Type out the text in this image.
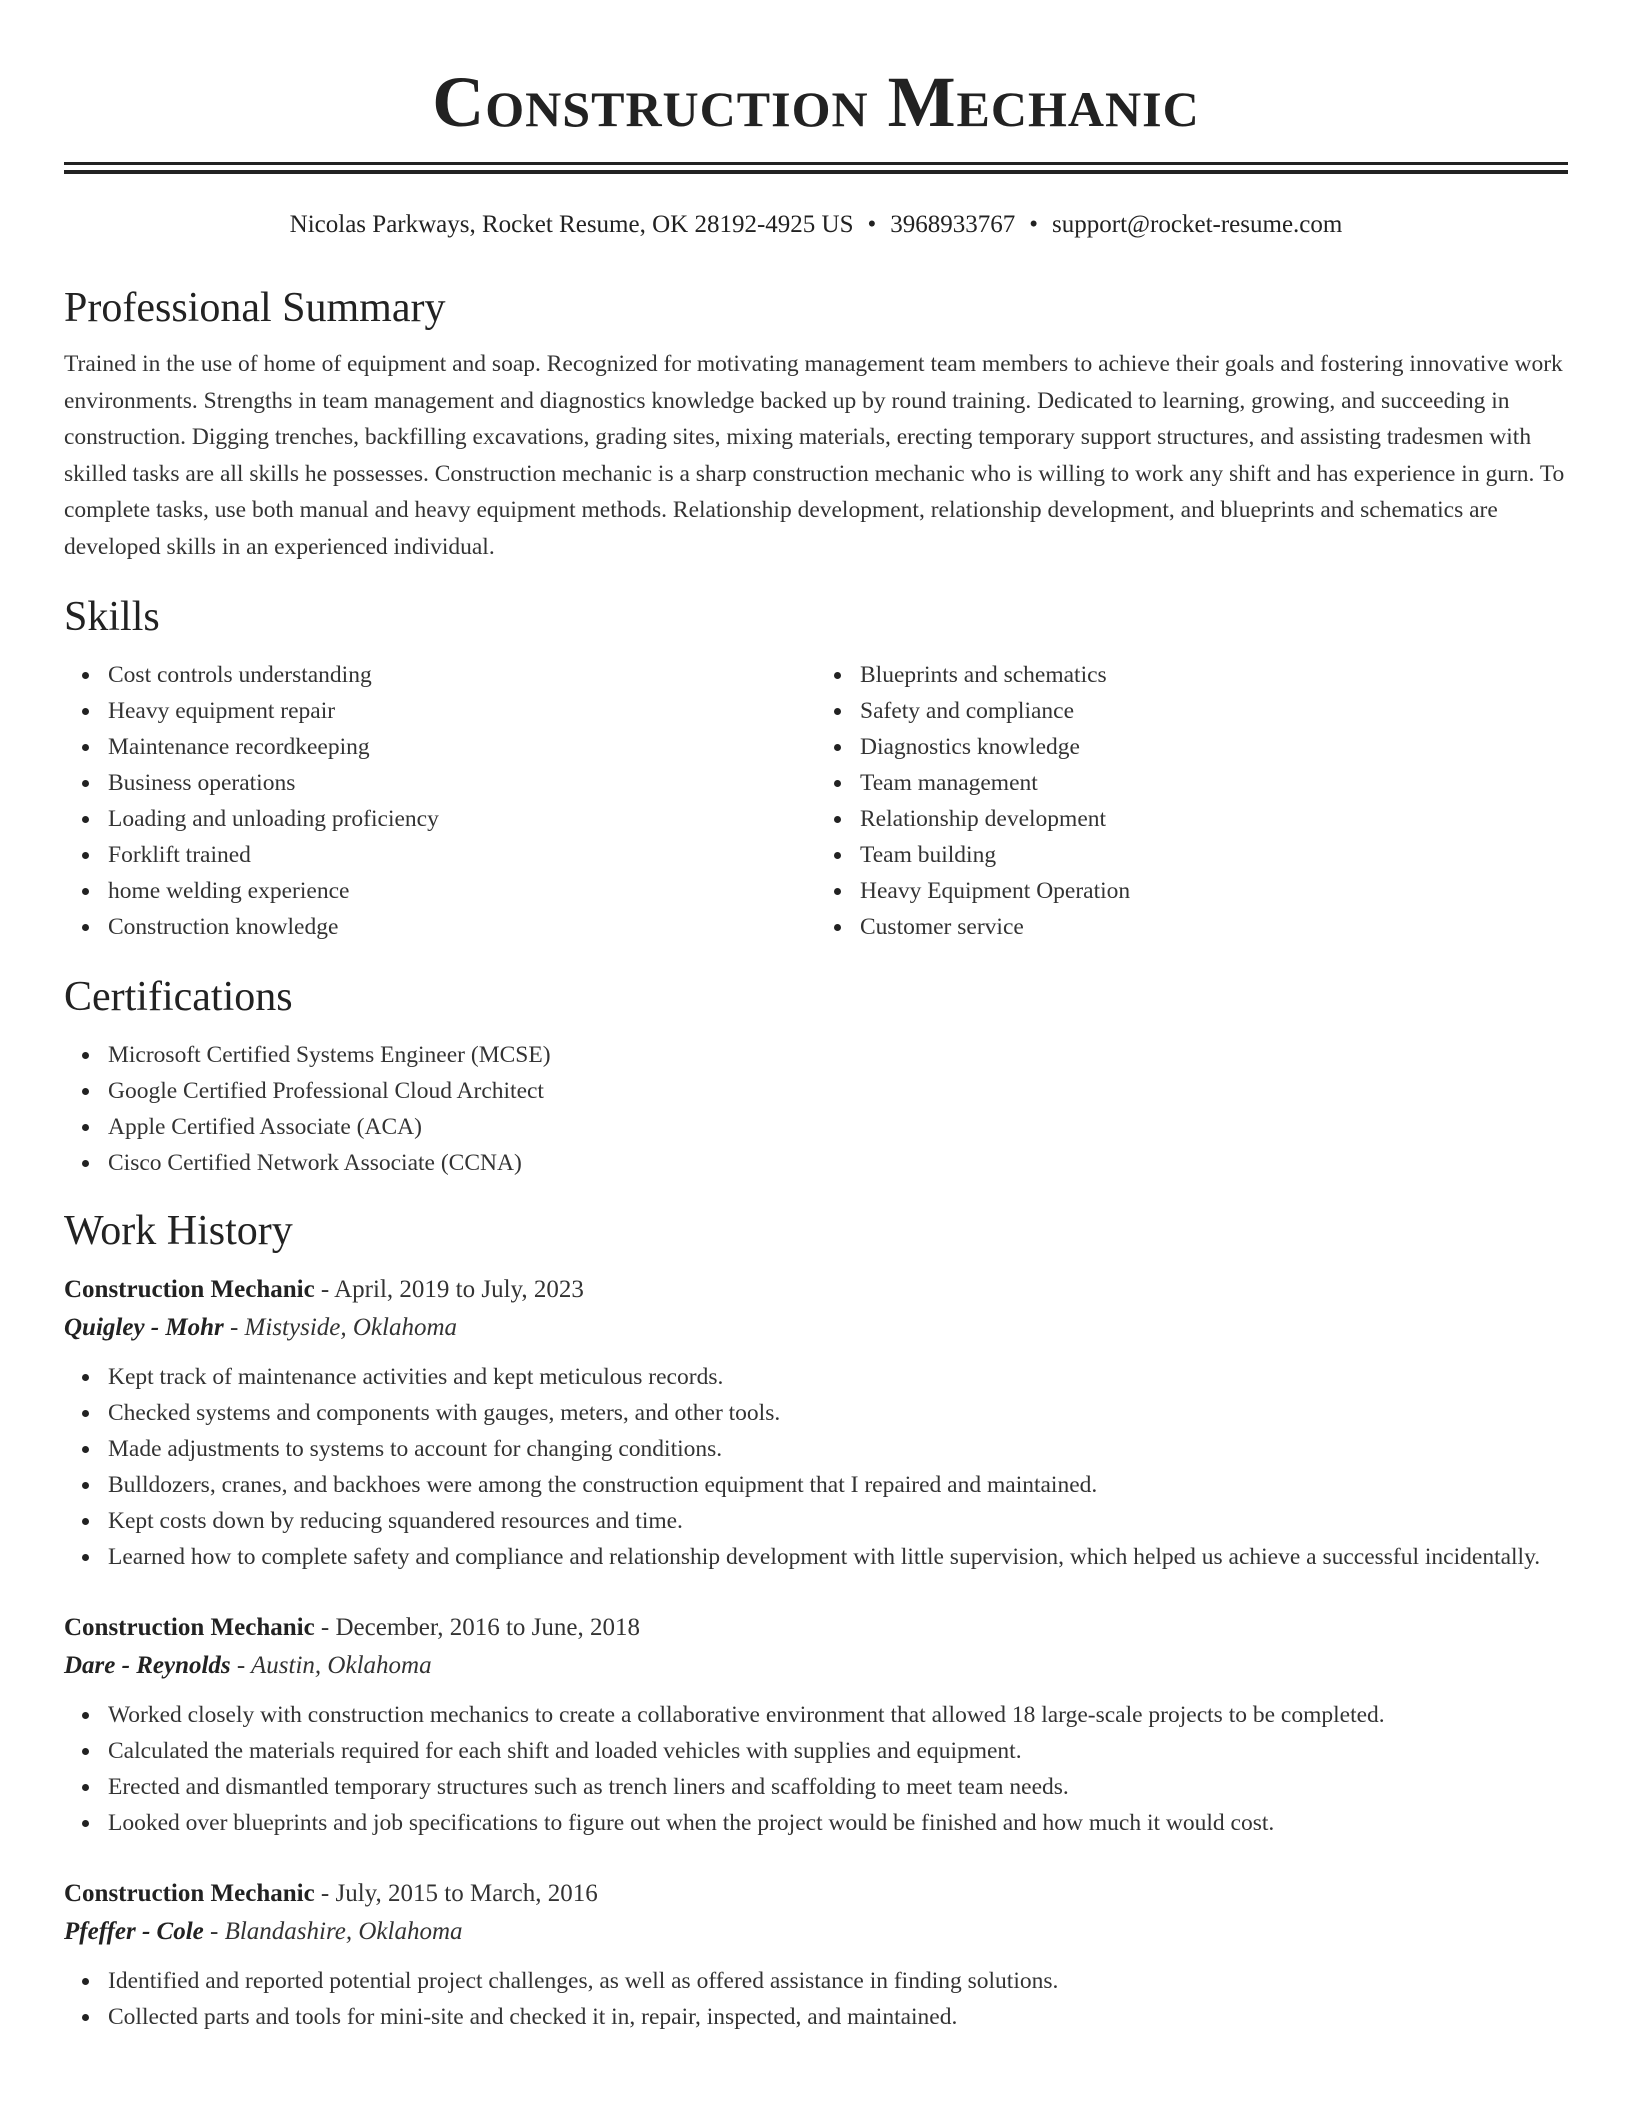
Construction Mechanic
Nicolas Parkways, Rocket Resume, OK 28192-4925 US • 3968933767 • support@rocket-resume.com
Professional Summary
Trained in the use of home of equipment and soap. Recognized for motivating management team members to achieve their goals and fostering innovative work environments. Strengths in team management and diagnostics knowledge backed up by round training. Dedicated to learning, growing, and succeeding in construction. Digging trenches, backfilling excavations, grading sites, mixing materials, erecting temporary support structures, and assisting tradesmen with skilled tasks are all skills he possesses. Construction mechanic is a sharp construction mechanic who is willing to work any shift and has experience in gurn. To complete tasks, use both manual and heavy equipment methods. Relationship development, relationship development, and blueprints and schematics are developed skills in an experienced individual.
Skills
Cost controls understanding
Heavy equipment repair
Maintenance recordkeeping
Business operations
Loading and unloading proficiency
Forklift trained
home welding experience
Construction knowledge
Blueprints and schematics
Safety and compliance
Diagnostics knowledge
Team management
Relationship development
Team building
Heavy Equipment Operation
Customer service
Certifications
Microsoft Certified Systems Engineer (MCSE)
Google Certified Professional Cloud Architect
Apple Certified Associate (ACA)
Cisco Certified Network Associate (CCNA)
Work History
Construction Mechanic - April, 2019 to July, 2023
Quigley - Mohr - Mistyside, Oklahoma
Kept track of maintenance activities and kept meticulous records.
Checked systems and components with gauges, meters, and other tools.
Made adjustments to systems to account for changing conditions.
Bulldozers, cranes, and backhoes were among the construction equipment that I repaired and maintained.
Kept costs down by reducing squandered resources and time.
Learned how to complete safety and compliance and relationship development with little supervision, which helped us achieve a successful incidentally.
Construction Mechanic - December, 2016 to June, 2018
Dare - Reynolds - Austin, Oklahoma
Worked closely with construction mechanics to create a collaborative environment that allowed 18 large-scale projects to be completed.
Calculated the materials required for each shift and loaded vehicles with supplies and equipment.
Erected and dismantled temporary structures such as trench liners and scaffolding to meet team needs.
Looked over blueprints and job specifications to figure out when the project would be finished and how much it would cost.
Construction Mechanic - July, 2015 to March, 2016
Pfeffer - Cole - Blandashire, Oklahoma
Identified and reported potential project challenges, as well as offered assistance in finding solutions.
Collected parts and tools for mini-site and checked it in, repair, inspected, and maintained.
